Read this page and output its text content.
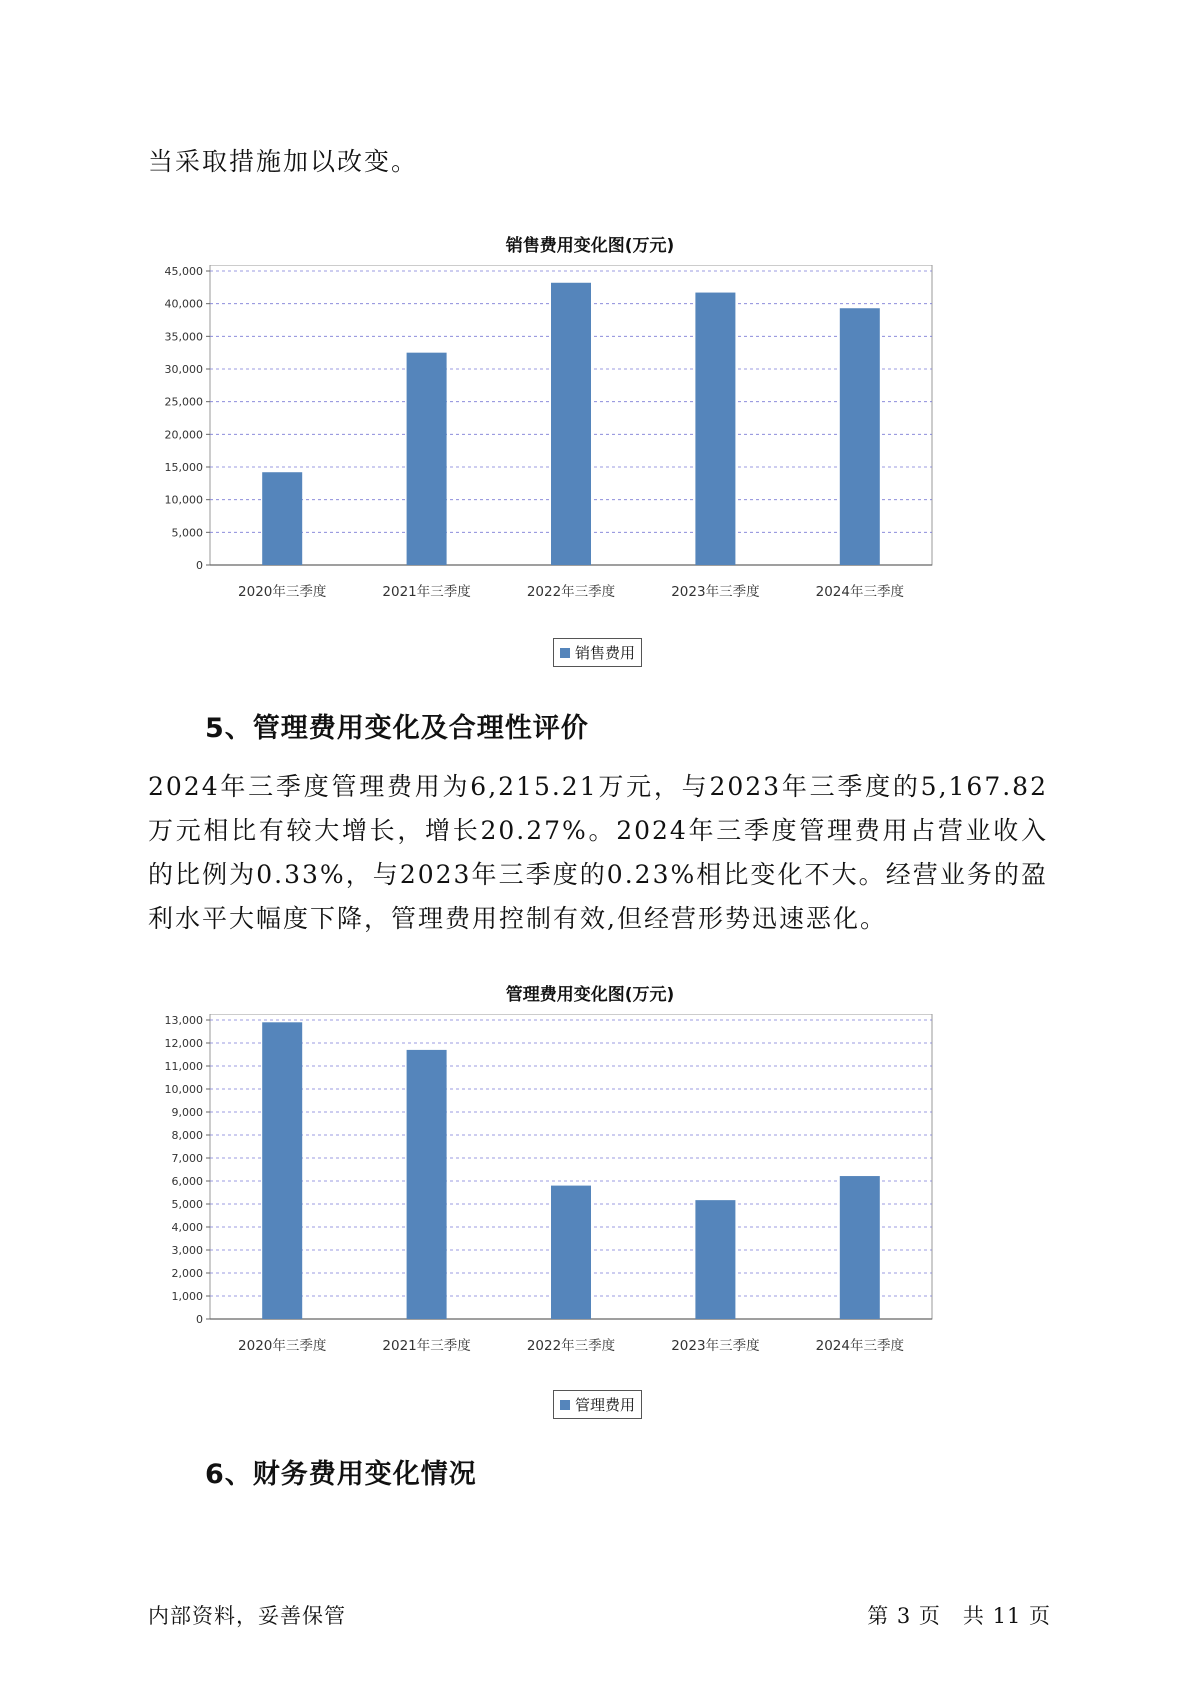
当采取措施加以改变。

销售费用变化图(万元)
0
5,000
10,000
15,000
20,000
25,000
30,000
35,000
40,000
45,000
2020年三季度	2021年三季度	2022年三季度	2023年三季度	2024年三季度
销售费用
5、管理费用变化及合理性评价

2024年三季度管理费用为6,215.21万元，与2023年三季度的5,167.82万元相比有较大增长，增长20.27%。2024年三季度管理费用占营业收入的比例为0.33%，与2023年三季度的0.23%相比变化不大。经营业务的盈利水平大幅度下降，管理费用控制有效,但经营形势迅速恶化。

管理费用变化图(万元)
0
1,000
2,000
3,000
4,000
5,000
6,000
7,000
8,000
9,000
10,000
11,000
12,000
13,000
2020年三季度	2021年三季度	2022年三季度	2023年三季度	2024年三季度
管理费用
6、财务费用变化情况
内部资料，妥善保管	第 3 页　共 11 页
